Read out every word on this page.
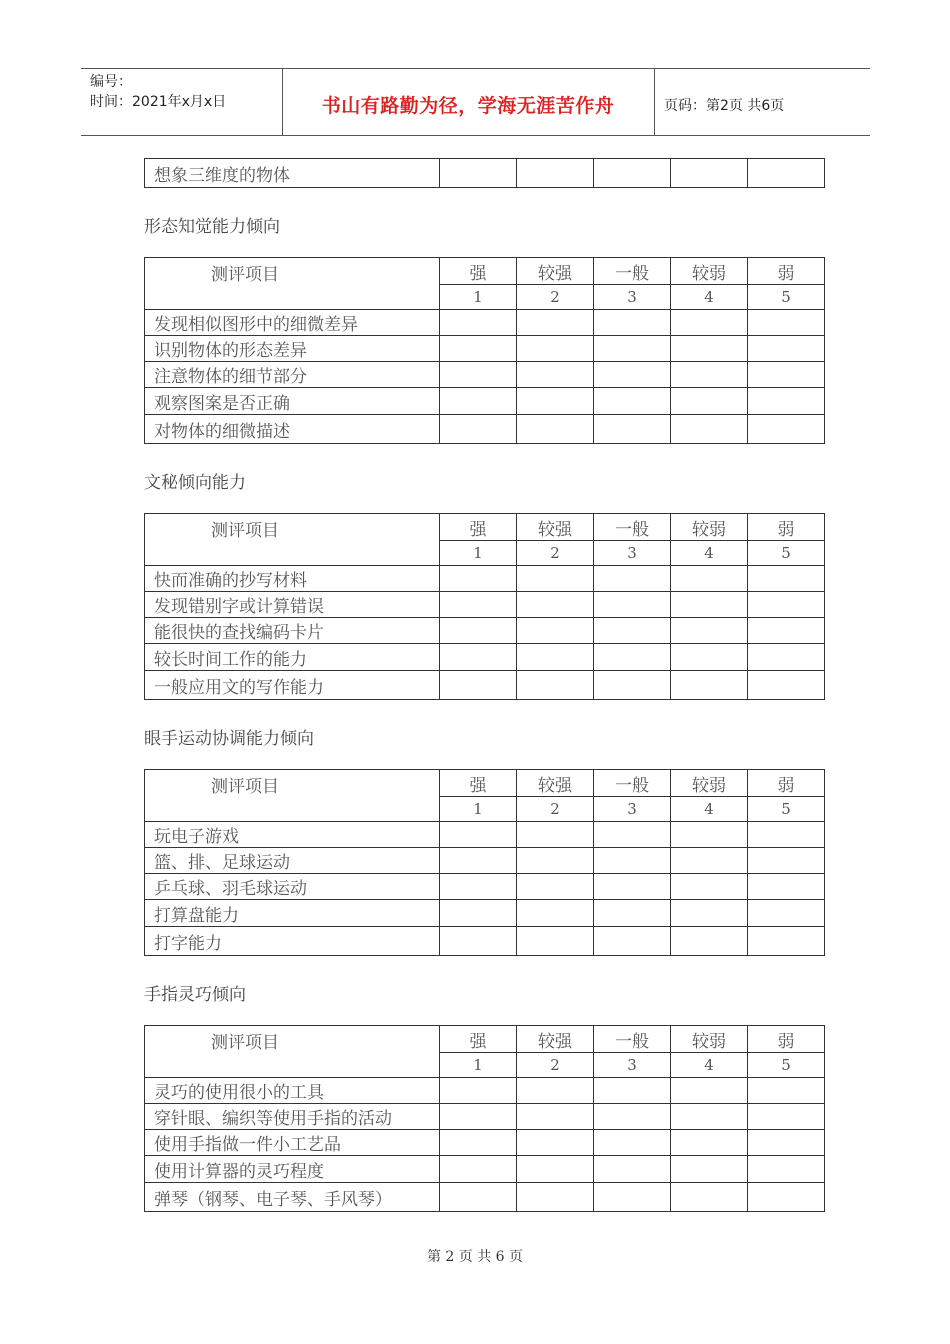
编号：
时间：2021年x月x日	书山有路勤为径，学海无涯苦作舟	页码：第2页 共6页
想象三维度的物体					
形态知觉能力倾向
测评项目	强	较强	一般	较弱	弱
	1	2	3	4	5
发现相似图形中的细微差异					
识别物体的形态差异					
注意物体的细节部分					
观察图案是否正确					
对物体的细微描述					
文秘倾向能力
测评项目	强	较强	一般	较弱	弱
	1	2	3	4	5
快而准确的抄写材料					
发现错别字或计算错误					
能很快的查找编码卡片					
较长时间工作的能力					
一般应用文的写作能力					
眼手运动协调能力倾向
测评项目	强	较强	一般	较弱	弱
	1	2	3	4	5
玩电子游戏					
篮、排、足球运动					
乒乓球、羽毛球运动					
打算盘能力					
打字能力					
手指灵巧倾向
测评项目	强	较强	一般	较弱	弱
	1	2	3	4	5
灵巧的使用很小的工具					
穿针眼、编织等使用手指的活动					
使用手指做一件小工艺品					
使用计算器的灵巧程度					
弹琴（钢琴、电子琴、手风琴）					
第 2 页 共 6 页
